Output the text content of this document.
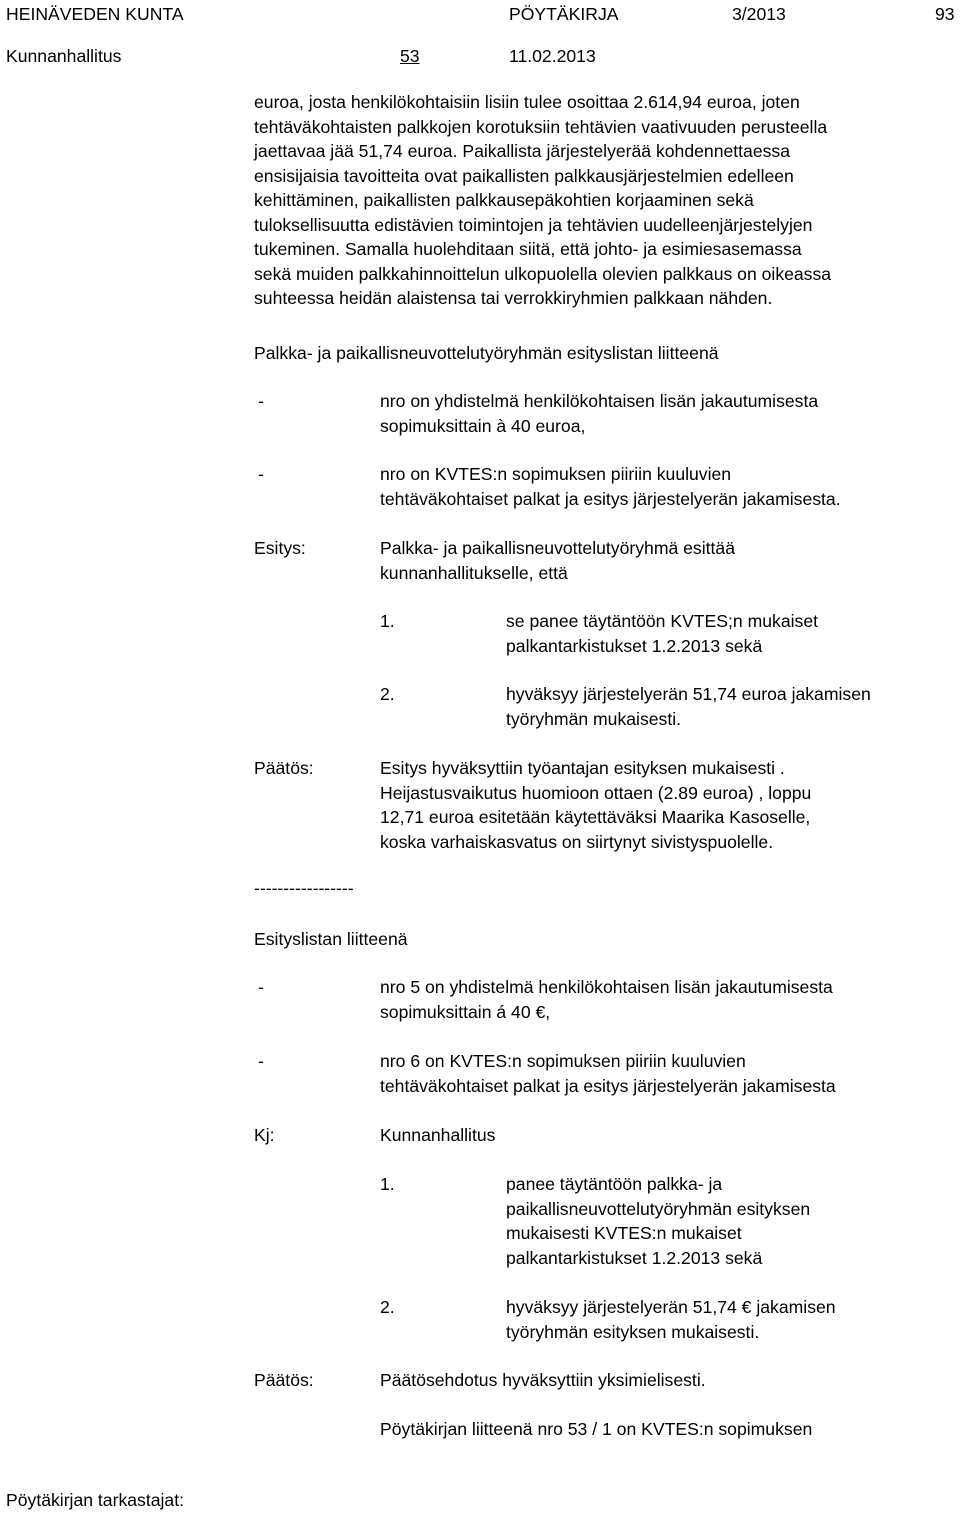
HEINÄVEDEN KUNTA	PÖYTÄKIRJA	3/2013	93
Kunnanhallitus	53	11.02.2013
euroa, josta henkilökohtaisiin lisiin tulee osoittaa 2.614,94 euroa, joten
tehtäväkohtaisten palkkojen korotuksiin tehtävien vaativuuden perusteella
jaettavaa jää 51,74 euroa. Paikallista järjestelyerää kohdennettaessa
ensisijaisia tavoitteita ovat paikallisten palkkausjärjestelmien edelleen
kehittäminen, paikallisten palkkausepäkohtien korjaaminen sekä
tuloksellisuutta edistävien toimintojen ja tehtävien uudelleenjärjestelyjen
tukeminen. Samalla huolehditaan siitä, että johto- ja esimiesasemassa
sekä muiden palkkahinnoittelun ulkopuolella olevien palkkaus on oikeassa
suhteessa heidän alaistensa tai verrokkiryhmien palkkaan nähden.
Palkka- ja paikallisneuvottelutyöryhmän esityslistan liitteenä
-	nro on yhdistelmä henkilökohtaisen lisän jakautumisesta
sopimuksittain à 40 euroa,
-	nro on KVTES:n sopimuksen piiriin kuuluvien
tehtäväkohtaiset palkat ja esitys järjestelyerän jakamisesta.
Esitys:	Palkka- ja paikallisneuvottelutyöryhmä esittää
kunnanhallitukselle, että
1.	se panee täytäntöön KVTES;n mukaiset
palkantarkistukset 1.2.2013 sekä
2.	hyväksyy järjestelyerän 51,74 euroa jakamisen
työryhmän mukaisesti.
Päätös:	Esitys hyväksyttiin työantajan esityksen mukaisesti .
Heijastusvaikutus huomioon ottaen (2.89 euroa) , loppu
12,71 euroa esitetään käytettäväksi Maarika Kasoselle,
koska varhaiskasvatus on siirtynyt sivistyspuolelle.
-----------------
Esityslistan liitteenä
-	nro 5 on yhdistelmä henkilökohtaisen lisän jakautumisesta
sopimuksittain á 40 €,
-	nro 6 on KVTES:n sopimuksen piiriin kuuluvien
tehtäväkohtaiset palkat ja esitys järjestelyerän jakamisesta
Kj:	Kunnanhallitus
1.	panee täytäntöön palkka- ja
paikallisneuvottelutyöryhmän esityksen
mukaisesti KVTES:n mukaiset
palkantarkistukset 1.2.2013 sekä
2.	hyväksyy järjestelyerän 51,74 € jakamisen
työryhmän esityksen mukaisesti.
Päätös:	Päätösehdotus hyväksyttiin yksimielisesti.
Pöytäkirjan liitteenä nro 53 / 1 on KVTES:n sopimuksen
Pöytäkirjan tarkastajat:
